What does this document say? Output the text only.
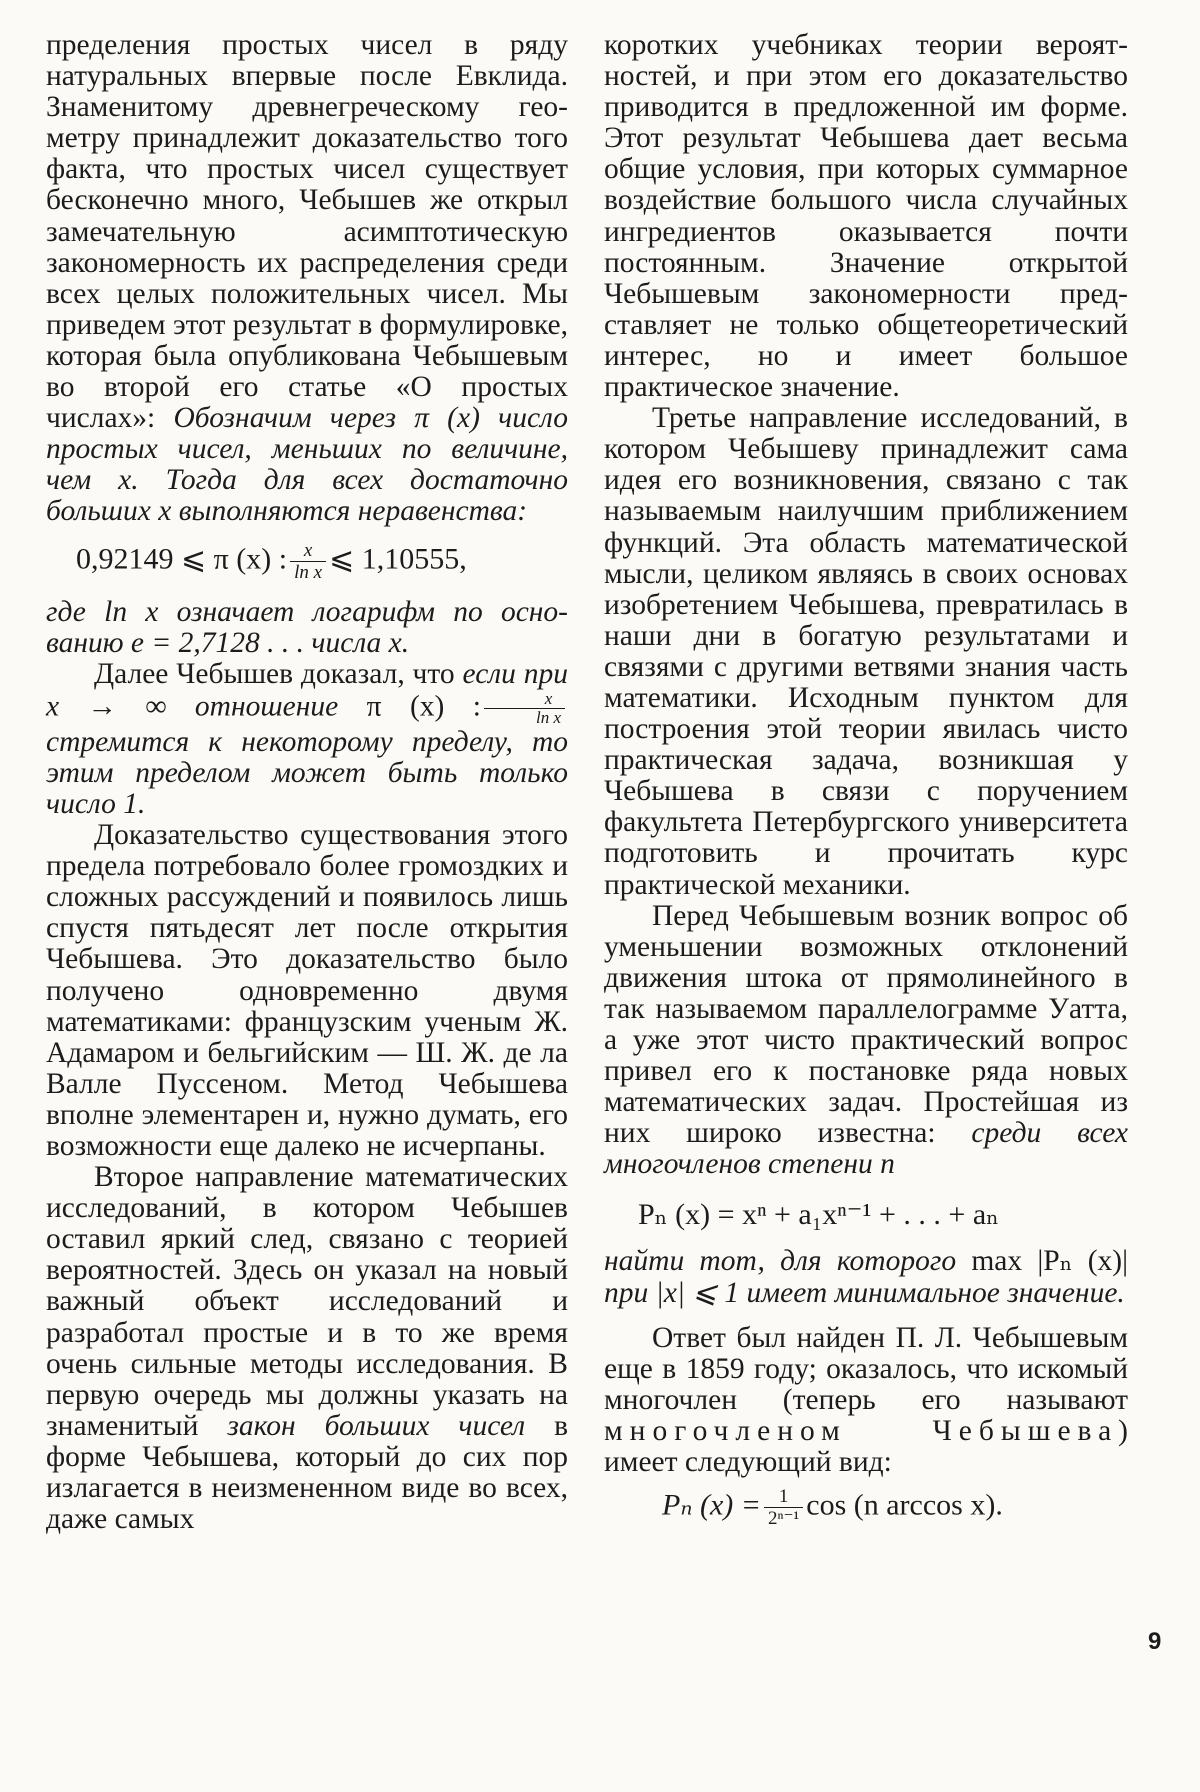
пределения простых чисел в ряду натуральных впервые после Евклида. Знаменитому древнегреческому геометру принадлежит доказательство того факта, что простых чисел существует бесконечно много, Чебышев же открыл замечательную асимптотическую закономерность их распределения среди всех целых положительных чисел. Мы приведем этот результат в формулировке, которая была опубликована Чебышевым во второй его статье «О простых числах»: Обозначим через π (x) число простых чисел, меньших по величине, чем x. Тогда для всех достаточно больших x выполняются неравенства:

0,92149 ⩽ π (x) : $\frac{x}{\text{ln x}}$ ⩽ 1,10555,

где ln x означает логарифм по основанию e = 2,7128 . . . числа x.

Далее Чебышев доказал, что если при x → ∞ отношение π (x) : $\frac{x}{\text{ln x}}$
стремится к некоторому пределу, то этим пределом может быть только число 1.

Доказательство существования этого предела потребовало более громоздких и сложных рассуждений и появилось лишь спустя пятьдесят лет после открытия Чебышева. Это доказательство было получено одновременно двумя математиками: французским ученым Ж. Адамаром и бельгийским — Ш. Ж. де ла Валле Пуссеном. Метод Чебышева вполне элементарен и, нужно думать, его возможности еще далеко не исчерпаны.

Второе направление математических исследований, в котором Чебышев оставил яркий след, связано с теорией вероятностей. Здесь он указал на новый важный объект исследований и разработал простые и в то же время очень сильные методы исследования. В первую очередь мы должны указать на знаменитый закон больших чисел в форме Чебышева, который до сих пор излагается в неизмененном виде во всех, даже самых

коротких учебниках теории вероятностей, и при этом его доказательство приводится в предложенной им форме. Этот результат Чебышева дает весьма общие условия, при которых суммарное воздействие большого числа случайных ингредиентов оказывается почти постоянным. Значение открытой Чебышевым закономерности представляет не только общетеоретический интерес, но и имеет большое практическое значение.

Третье направление исследований, в котором Чебышеву принадлежит сама идея его возникновения, связано с так называемым наилучшим приближением функций. Эта область математической мысли, целиком являясь в своих основах изобретением Чебышева, превратилась в наши дни в богатую результатами и связями с другими ветвями знания часть математики. Исходным пунктом для построения этой теории явилась чисто практическая задача, возникшая у Чебышева в связи с поручением факультета Петербургского университета подготовить и прочитать курс практической механики.

Перед Чебышевым возник вопрос об уменьшении возможных отклонений движения штока от прямолинейного в так называемом параллелограмме Уатта, а уже этот чисто практический вопрос привел его к постановке ряда новых математических задач. Простейшая из них широко известна: среди всех многочленов степени n

Pₙ (x) = xⁿ + a₁xⁿ⁻¹ + . . . + aₙ

найти тот, для которого max |Pₙ (x)| при |x| ⩽ 1 имеет минимальное значение.

Ответ был найден П. Л. Чебышевым еще в 1859 году; оказалось, что искомый многочлен (теперь его называют многочленом Чебышева) имеет следующий вид:

Pₙ $(x) = \frac{1}{\text{2ⁿ⁻¹}}$ cos (n arccos x).
9
